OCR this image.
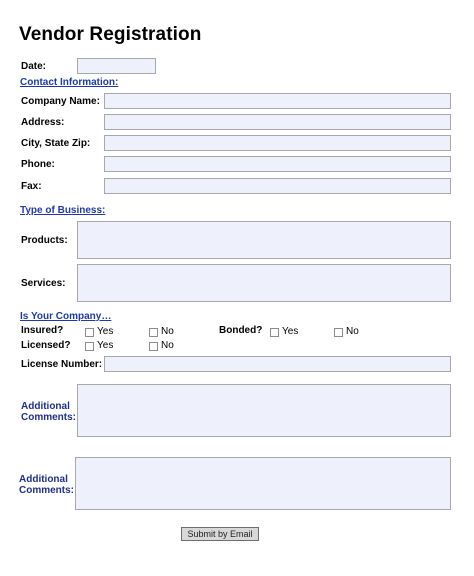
Vendor Registration
Date:
Contact Information:
Company Name:
Address:
City, State Zip:
Phone:
Fax:
Type of Business:
Products:
Services:
Is Your Company…
Insured?	Yes	No	Bonded? Yes	No
Licensed?	Yes	No
License Number:
Additional Comments:
Additional Comments:
Submit by Email
